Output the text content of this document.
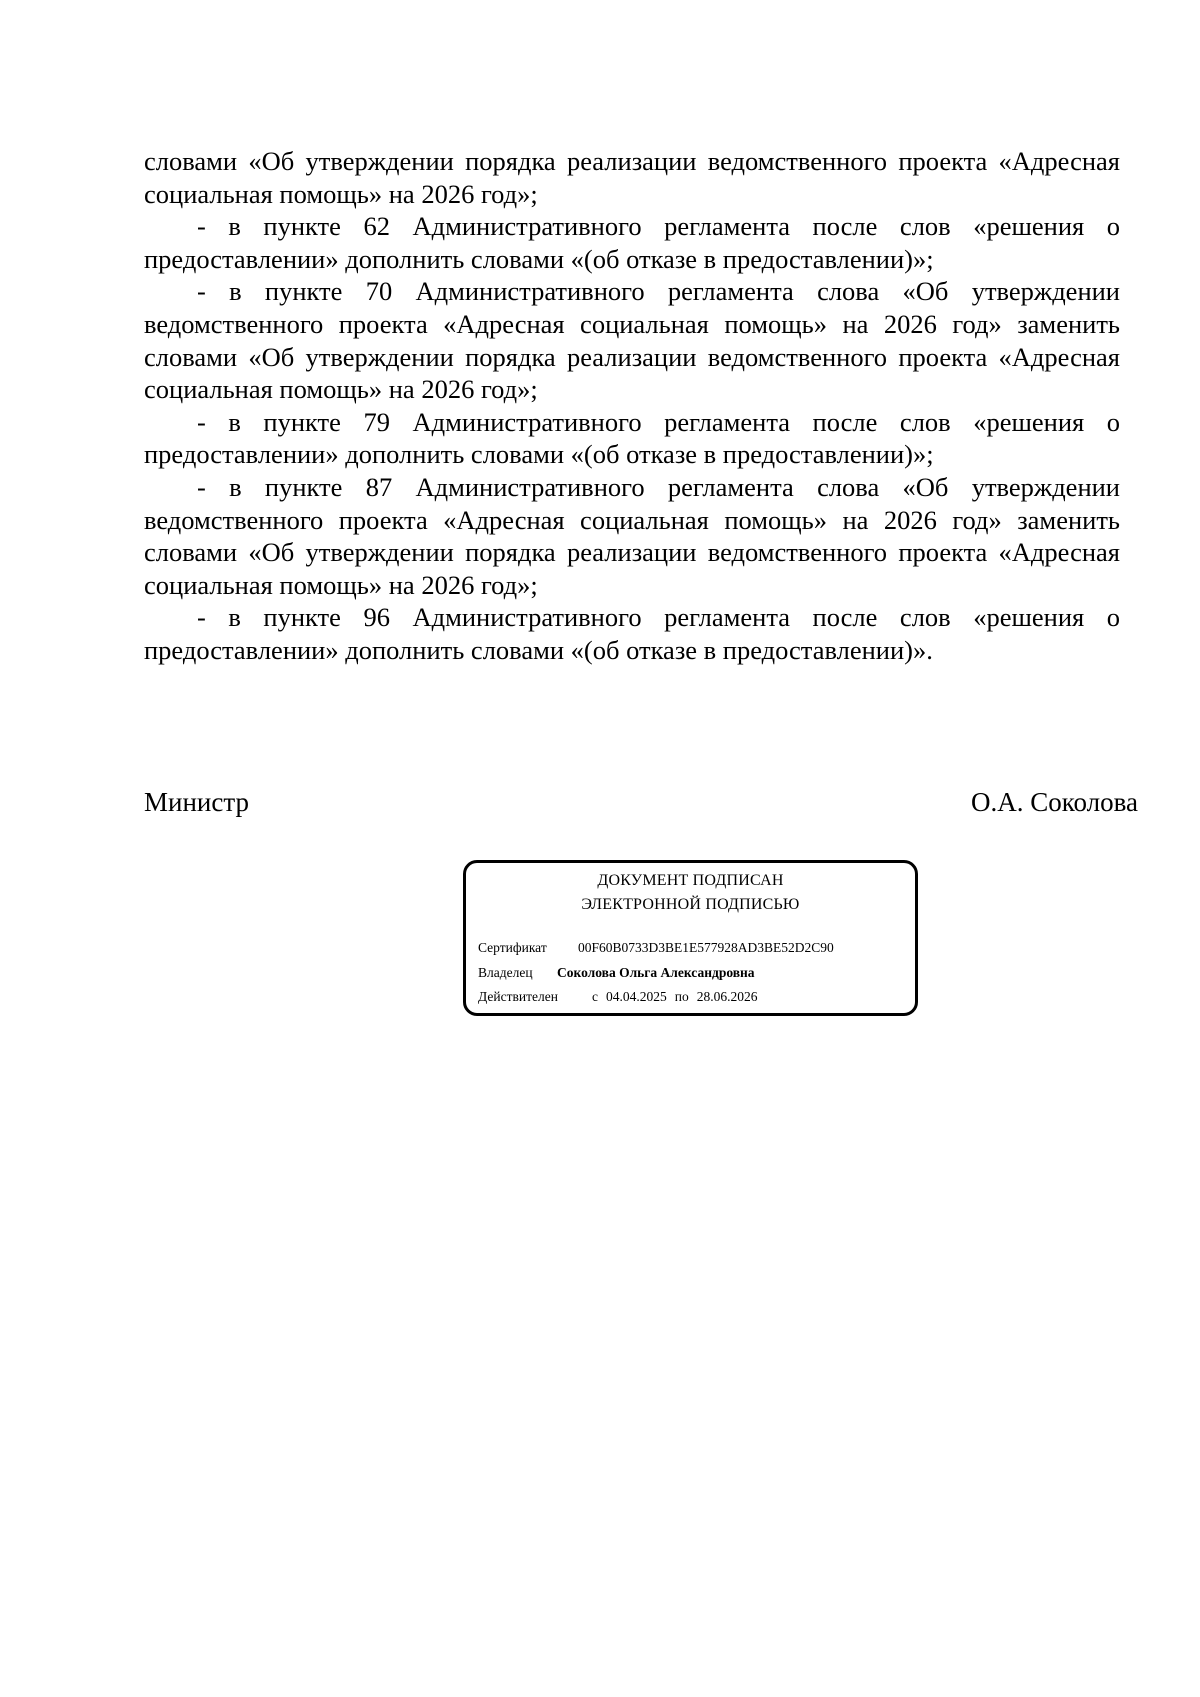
словами «Об утверждении порядка реализации ведомственного проекта «Адресная социальная помощь» на 2026 год»;

- в пункте 62 Административного регламента после слов «решения о предоставлении» дополнить словами «(об отказе в предоставлении)»;

- в пункте 70 Административного регламента слова «Об утверждении ведомственного проекта «Адресная социальная помощь» на 2026 год» заменить словами «Об утверждении порядка реализации ведомственного проекта «Адресная социальная помощь» на 2026 год»;

- в пункте 79 Административного регламента после слов «решения о предоставлении» дополнить словами «(об отказе в предоставлении)»;

- в пункте 87 Административного регламента слова «Об утверждении ведомственного проекта «Адресная социальная помощь» на 2026 год» заменить словами «Об утверждении порядка реализации ведомственного проекта «Адресная социальная помощь» на 2026 год»;

- в пункте 96 Административного регламента после слов «решения о предоставлении» дополнить словами «(об отказе в предоставлении)».

Министр	О.А. Соколова
ДОКУМЕНТ ПОДПИСАН
ЭЛЕКТРОННОЙ ПОДПИСЬЮ
Сертификат 00F60B0733D3BE1E577928AD3BE52D2C90
Владелец Соколова Ольга Александровна
Действителен	с 04.04.2025 по 28.06.2026
